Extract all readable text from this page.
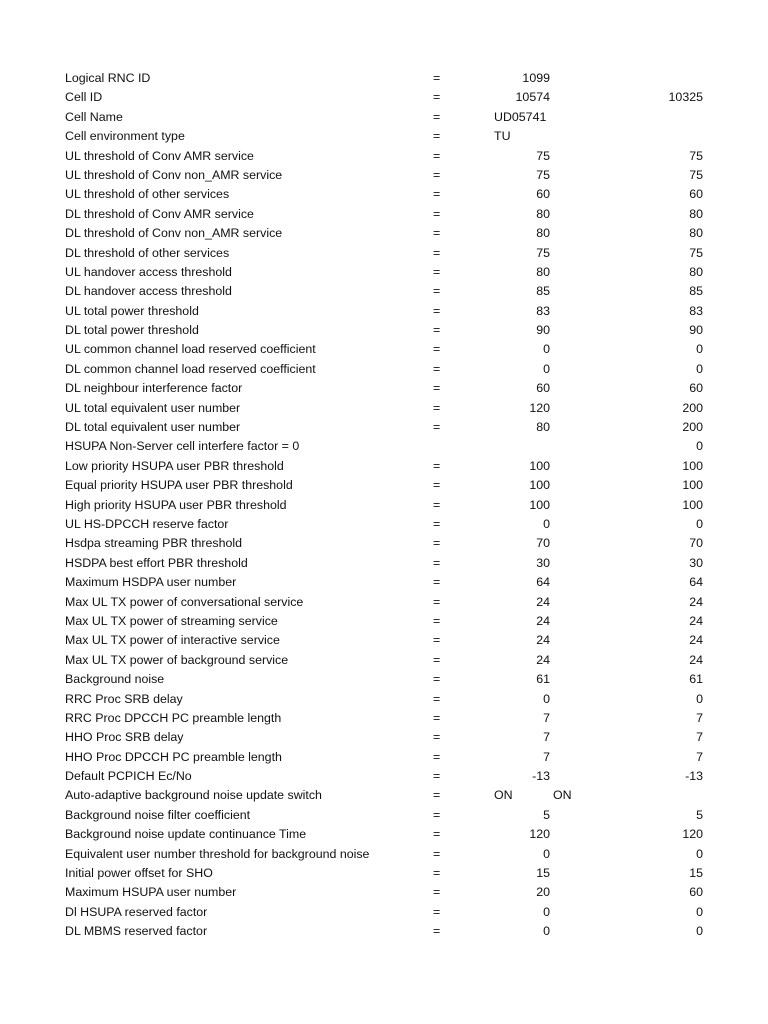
Logical RNC ID	=	1099
Cell ID	=	10574	10325
Cell Name	=	UD05741
Cell environment type	=	TU
UL threshold of Conv AMR service	=	75	75
UL threshold of Conv non_AMR service	=	75	75
UL threshold of other services	=	60	60
DL threshold of Conv AMR service	=	80	80
DL threshold of Conv non_AMR service	=	80	80
DL threshold of other services	=	75	75
UL handover access threshold	=	80	80
DL handover access threshold	=	85	85
UL total power threshold	=	83	83
DL total power threshold	=	90	90
UL common channel load reserved coefficient	=	0	0
DL common channel load reserved coefficient	=	0	0
DL neighbour interference factor	=	60	60
UL total equivalent user number	=	120	200
DL total equivalent user number	=	80	200
HSUPA Non-Server cell interfere factor = 0	0
Low priority HSUPA user PBR threshold	=	100	100
Equal priority HSUPA user PBR threshold	=	100	100
High priority HSUPA user PBR threshold	=	100	100
UL HS-DPCCH reserve factor	=	0	0
Hsdpa streaming PBR threshold	=	70	70
HSDPA best effort PBR threshold	=	30	30
Maximum HSDPA user number	=	64	64
Max UL TX power of conversational service	=	24	24
Max UL TX power of streaming service	=	24	24
Max UL TX power of interactive service	=	24	24
Max UL TX power of background service	=	24	24
Background noise	=	61	61
RRC Proc SRB delay	=	0	0
RRC Proc DPCCH PC preamble length	=	7	7
HHO Proc SRB delay	=	7	7
HHO Proc DPCCH PC preamble length	=	7	7
Default PCPICH Ec/No	=	-13	-13
Auto-adaptive background noise update switch	=	ON	ON
Background noise filter coefficient	=	5	5
Background noise update continuance Time	=	120	120
Equivalent user number threshold for background noise	=	0	0
Initial power offset for SHO	=	15	15
Maximum HSUPA user number	=	20	60
Dl HSUPA reserved factor	=	0	0
DL MBMS reserved factor	=	0	0
